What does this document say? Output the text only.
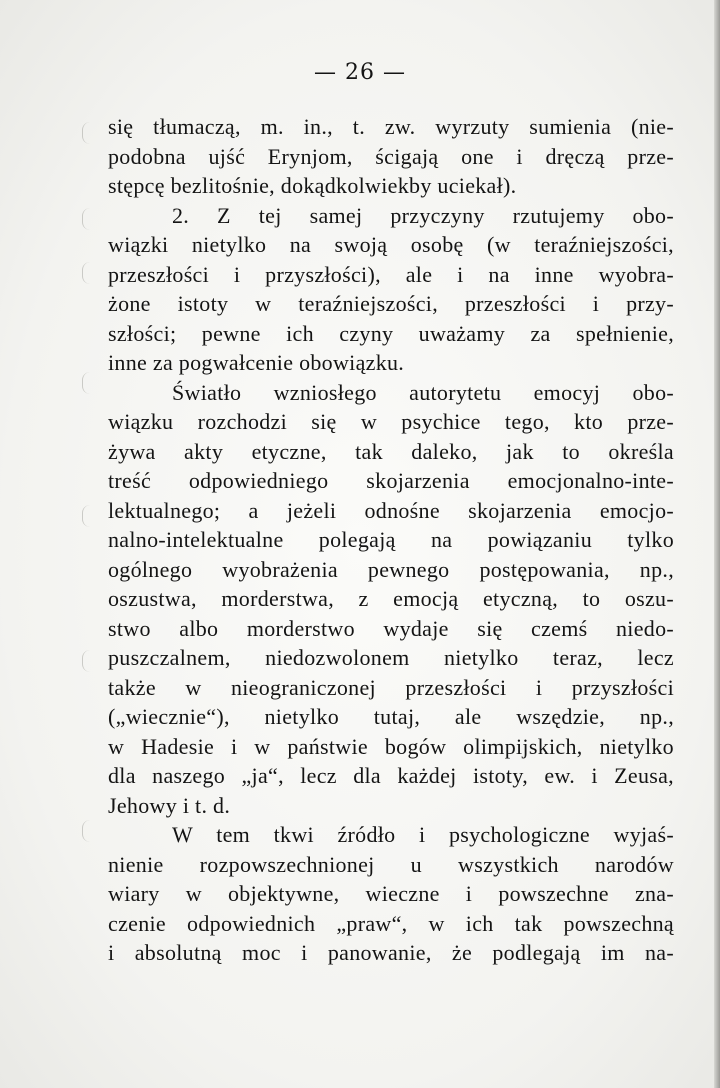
— 26 —
się tłumaczą, m. in., t. zw. wyrzuty sumienia (nie-
podobna ujść Erynjom, ścigają one i dręczą prze-
stępcę bezlitośnie, dokądkolwiekby uciekał).
2. Z tej samej przyczyny rzutujemy obo-
wiązki nietylko na swoją osobę (w teraźniejszości,
przeszłości i przyszłości), ale i na inne wyobra-
żone istoty w teraźniejszości, przeszłości i przy-
szłości; pewne ich czyny uważamy za spełnienie,
inne za pogwałcenie obowiązku.
Światło wzniosłego autorytetu emocyj obo-
wiązku rozchodzi się w psychice tego, kto prze-
żywa akty etyczne, tak daleko, jak to określa
treść odpowiedniego skojarzenia emocjonalno-inte-
lektualnego; a jeżeli odnośne skojarzenia emocjo-
nalno-intelektualne polegają na powiązaniu tylko
ogólnego wyobrażenia pewnego postępowania, np.,
oszustwa, morderstwa, z emocją etyczną, to oszu-
stwo albo morderstwo wydaje się czemś niedo-
puszczalnem, niedozwolonem nietylko teraz, lecz
także w nieograniczonej przeszłości i przyszłości
(„wiecznie“), nietylko tutaj, ale wszędzie, np.,
w Hadesie i w państwie bogów olimpijskich, nietylko
dla naszego „ja“, lecz dla każdej istoty, ew. i Zeusa,
Jehowy i t. d.
W tem tkwi źródło i psychologiczne wyjaś-
nienie rozpowszechnionej u wszystkich narodów
wiary w objektywne, wieczne i powszechne zna-
czenie odpowiednich „praw“, w ich tak powszechną
i absolutną moc i panowanie, że podlegają im na-
